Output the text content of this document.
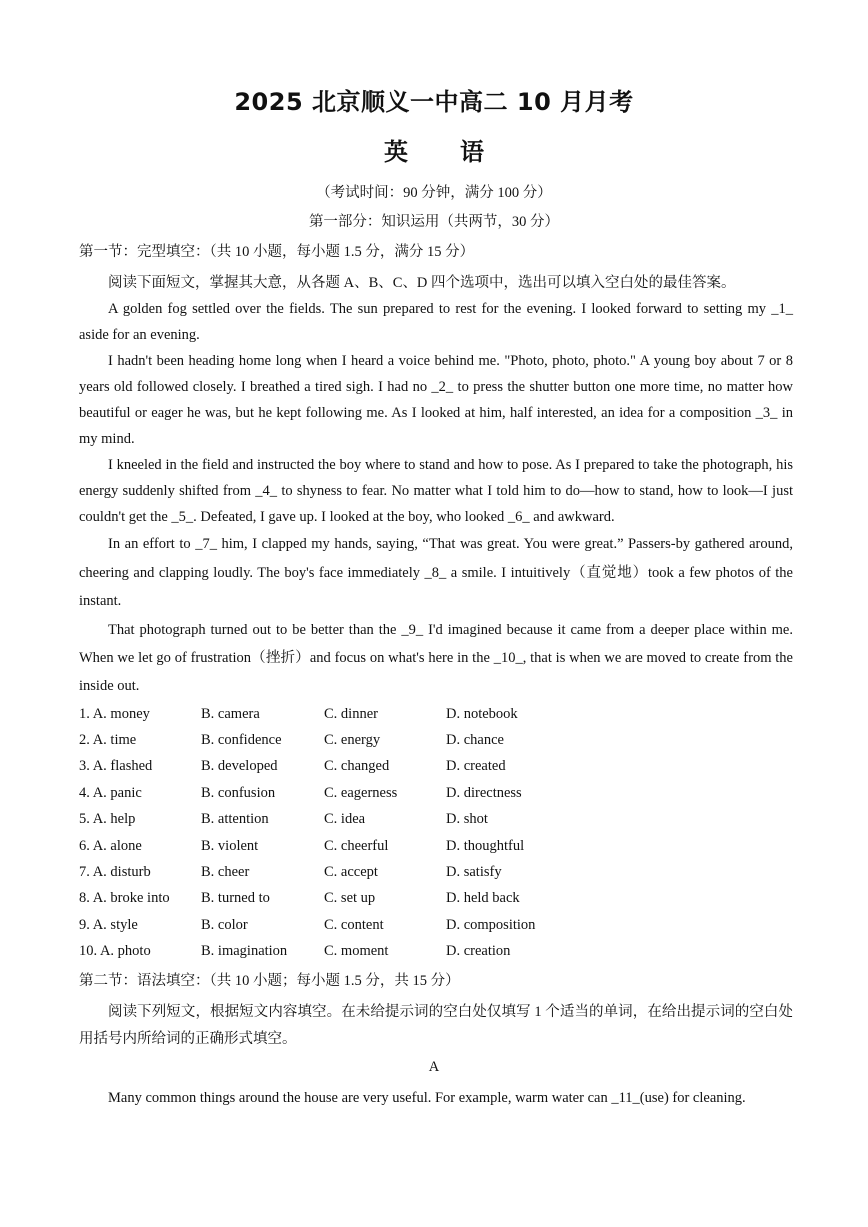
2025 北京顺义一中高二 10 月月考
英 语
（考试时间：90 分钟，满分 100 分）
第一部分：知识运用（共两节，30 分）
第一节：完型填空：（共 10 小题，每小题 1.5 分，满分 15 分）

阅读下面短文，掌握其大意，从各题 A、B、C、D 四个选项中，选出可以填入空白处的最佳答案。

A golden fog settled over the fields. The sun prepared to rest for the evening. I looked forward to setting my _1_ aside for an evening.

I hadn't been heading home long when I heard a voice behind me. "Photo, photo, photo." A young boy about 7 or 8 years old followed closely. I breathed a tired sigh. I had no _2_ to press the shutter button one more time, no matter how beautiful or eager he was, but he kept following me. As I looked at him, half interested, an idea for a composition _3_ in my mind.

I kneeled in the field and instructed the boy where to stand and how to pose. As I prepared to take the photograph, his energy suddenly shifted from _4_ to shyness to fear. No matter what I told him to do—how to stand, how to look—I just couldn't get the _5_. Defeated, I gave up. I looked at the boy, who looked _6_ and awkward.

In an effort to _7_ him, I clapped my hands, saying, “That was great. You were great.” Passers-by gathered around, cheering and clapping loudly. The boy's face immediately _8_ a smile. I intuitively（直觉地）took a few photos of the instant.

That photograph turned out to be better than the _9_ I'd imagined because it came from a deeper place within me. When we let go of frustration（挫折）and focus on what's here in the _10_, that is when we are moved to create from the inside out.

1. A. money	B. camera	C. dinner	D. notebook
2. A. time	B. confidence	C. energy	D. chance
3. A. flashed	B. developed	C. changed	D. created
4. A. panic	B. confusion	C. eagerness	D. directness
5. A. help	B. attention	C. idea	D. shot
6. A. alone	B. violent	C. cheerful	D. thoughtful
7. A. disturb	B. cheer	C. accept	D. satisfy
8. A. broke into B. turned to	C. set up	D. held back
9. A. style	B. color	C. content	D. composition
10. A. photo	B. imagination	C. moment	D. creation
第二节：语法填空：（共 10 小题；每小题 1.5 分，共 15 分）

阅读下列短文，根据短文内容填空。在未给提示词的空白处仅填写 1 个适当的单词，在给出提示词的空白处用括号内所给词的正确形式填空。

A

Many common things around the house are very useful. For example, warm water can _11_(use) for cleaning.
